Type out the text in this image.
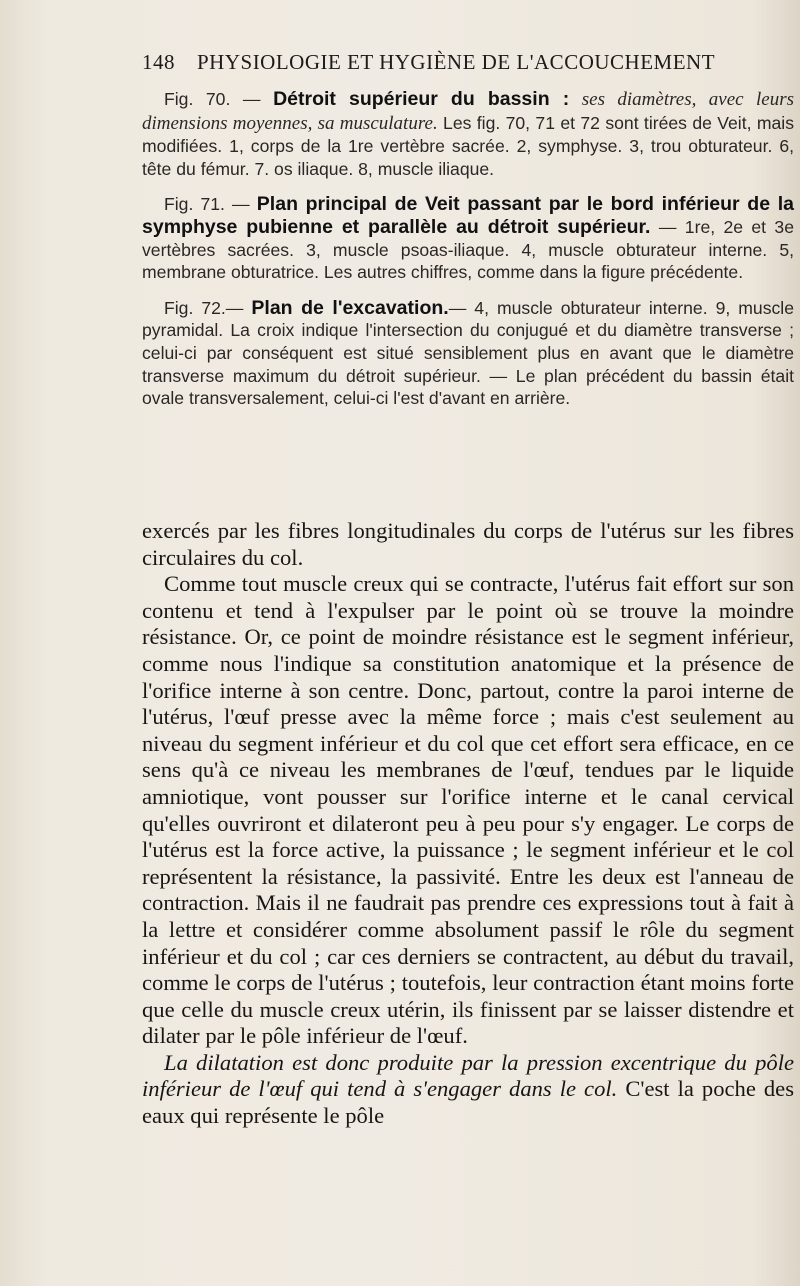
148 PHYSIOLOGIE ET HYGIÈNE DE L'ACCOUCHEMENT

Fig. 70. — Détroit supérieur du bassin : ses diamètres, avec leurs dimensions moyennes, sa musculature. Les fig. 70, 71 et 72 sont tirées de Veit, mais modifiées. 1, corps de la 1re vertèbre sacrée. 2, symphyse. 3, trou obturateur. 6, tête du fémur. 7. os iliaque. 8, muscle iliaque.

Fig. 71. — Plan principal de Veit passant par le bord inférieur de la symphyse pubienne et parallèle au détroit supérieur. — 1re, 2e et 3e vertèbres sacrées. 3, muscle psoas-iliaque. 4, muscle obturateur interne. 5, membrane obturatrice. Les autres chiffres, comme dans la figure précédente.

Fig. 72.— Plan de l'excavation.— 4, muscle obturateur interne. 9, muscle pyramidal. La croix indique l'intersection du conjugué et du diamètre transverse ; celui-ci par conséquent est situé sensiblement plus en avant que le diamètre transverse maximum du détroit supérieur. — Le plan précédent du bassin était ovale transversalement, celui-ci l'est d'avant en arrière.

exercés par les fibres longitudinales du corps de l'utérus sur les fibres circulaires du col.

Comme tout muscle creux qui se contracte, l'utérus fait effort sur son contenu et tend à l'expulser par le point où se trouve la moindre résistance. Or, ce point de moindre résistance est le segment inférieur, comme nous l'indique sa constitution anatomique et la présence de l'orifice interne à son centre. Donc, partout, contre la paroi interne de l'utérus, l'œuf presse avec la même force ; mais c'est seulement au niveau du segment inférieur et du col que cet effort sera efficace, en ce sens qu'à ce niveau les membranes de l'œuf, tendues par le liquide amniotique, vont pousser sur l'orifice interne et le canal cervical qu'elles ouvriront et dilateront peu à peu pour s'y engager. Le corps de l'utérus est la force active, la puissance ; le segment inférieur et le col représentent la résistance, la passivité. Entre les deux est l'anneau de contraction. Mais il ne faudrait pas prendre ces expressions tout à fait à la lettre et considérer comme absolument passif le rôle du segment inférieur et du col ; car ces derniers se contractent, au début du travail, comme le corps de l'utérus ; toutefois, leur contraction étant moins forte que celle du muscle creux utérin, ils finissent par se laisser distendre et dilater par le pôle inférieur de l'œuf.

La dilatation est donc produite par la pression excentrique du pôle inférieur de l'œuf qui tend à s'engager dans le col. C'est la poche des eaux qui représente le pôle
